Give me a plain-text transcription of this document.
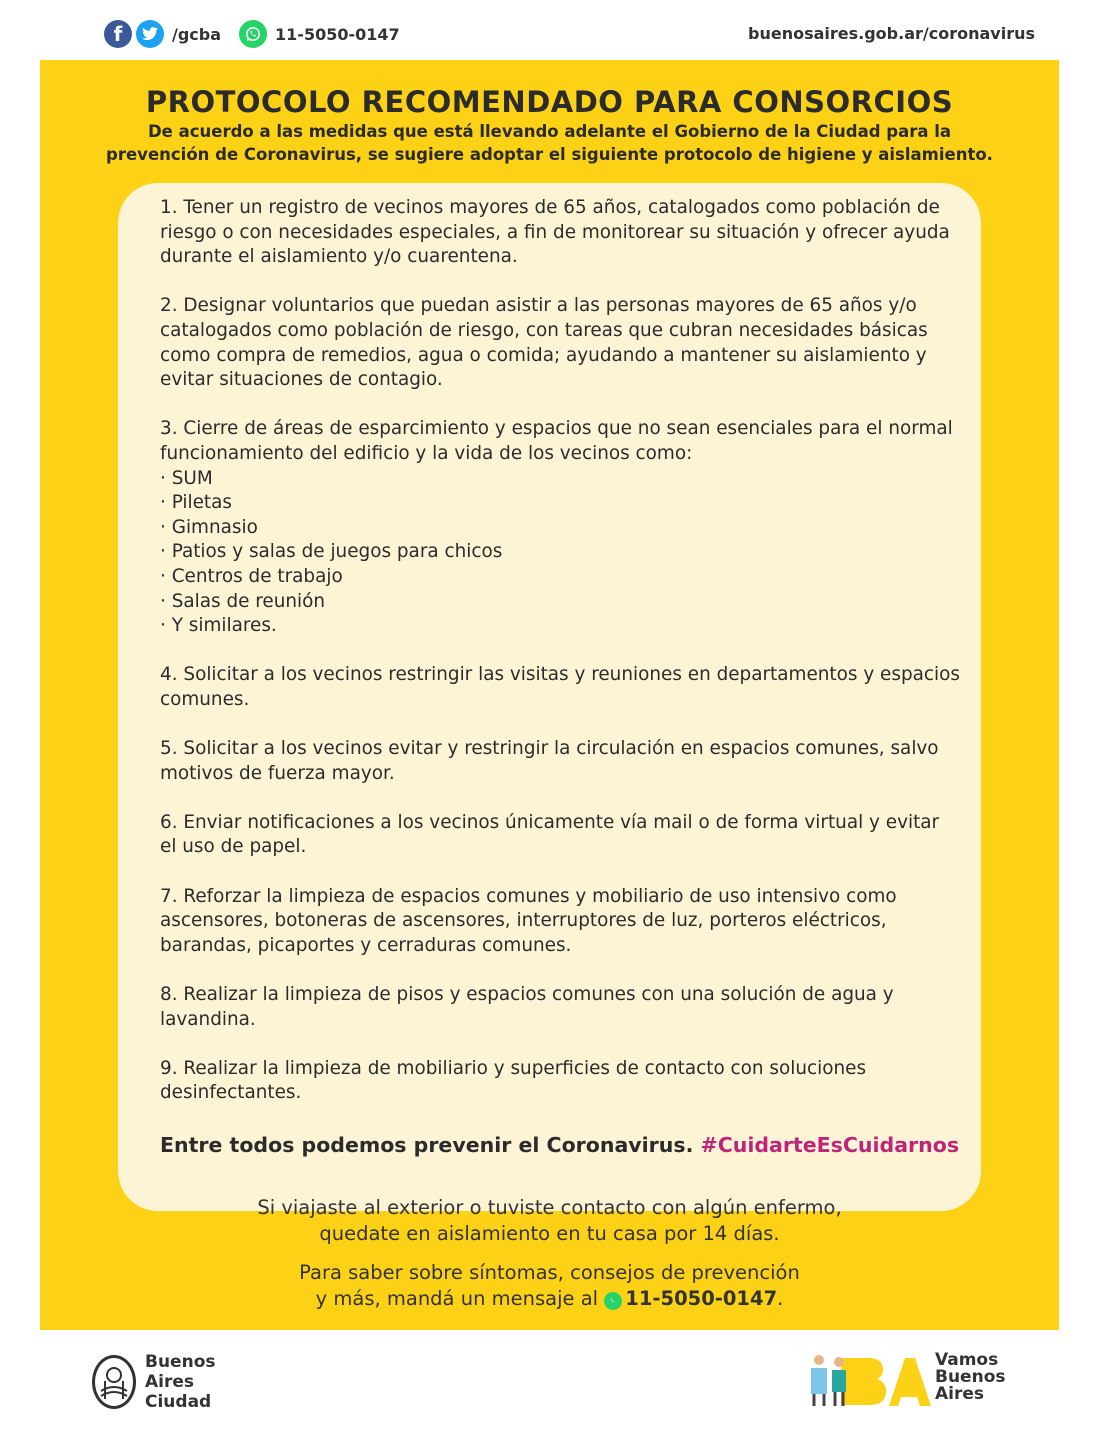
f	/gcba	11-5050-0147	buenosaires.gob.ar/coronavirus
PROTOCOLO RECOMENDADO PARA CONSORCIOS
De acuerdo a las medidas que está llevando adelante el Gobierno de la Ciudad para la
prevención de Coronavirus, se sugiere adoptar el siguiente protocolo de higiene y aislamiento.

1. Tener un registro de vecinos mayores de 65 años, catalogados como población de riesgo o con necesidades especiales, a fin de monitorear su situación y ofrecer ayuda durante el aislamiento y/o cuarentena.

2. Designar voluntarios que puedan asistir a las personas mayores de 65 años y/o catalogados como población de riesgo, con tareas que cubran necesidades básicas como compra de remedios, agua o comida; ayudando a mantener su aislamiento y evitar situaciones de contagio.

3. Cierre de áreas de esparcimiento y espacios que no sean esenciales para el normal funcionamiento del edificio y la vida de los vecinos como:
· SUM
· Piletas
· Gimnasio
· Patios y salas de juegos para chicos
· Centros de trabajo
· Salas de reunión
· Y similares.

4. Solicitar a los vecinos restringir las visitas y reuniones en departamentos y espacios comunes.

5. Solicitar a los vecinos evitar y restringir la circulación en espacios comunes, salvo motivos de fuerza mayor.

6. Enviar notificaciones a los vecinos únicamente vía mail o de forma virtual y evitar el uso de papel.

7. Reforzar la limpieza de espacios comunes y mobiliario de uso intensivo como ascensores, botoneras de ascensores, interruptores de luz, porteros eléctricos, barandas, picaportes y cerraduras comunes.

8. Realizar la limpieza de pisos y espacios comunes con una solución de agua y lavandina.

9. Realizar la limpieza de mobiliario y superficies de contacto con soluciones desinfectantes.

Entre todos podemos prevenir el Coronavirus. #CuidarteEsCuidarnos
Si viajaste al exterior o tuviste contacto con algún enfermo,
quedate en aislamiento en tu casa por 14 días.
Para saber sobre síntomas, consejos de prevención
y más, mandá un mensaje al
11-5050-0147.
Buenos
Aires
Ciudad
Vamos
Buenos
Aires
